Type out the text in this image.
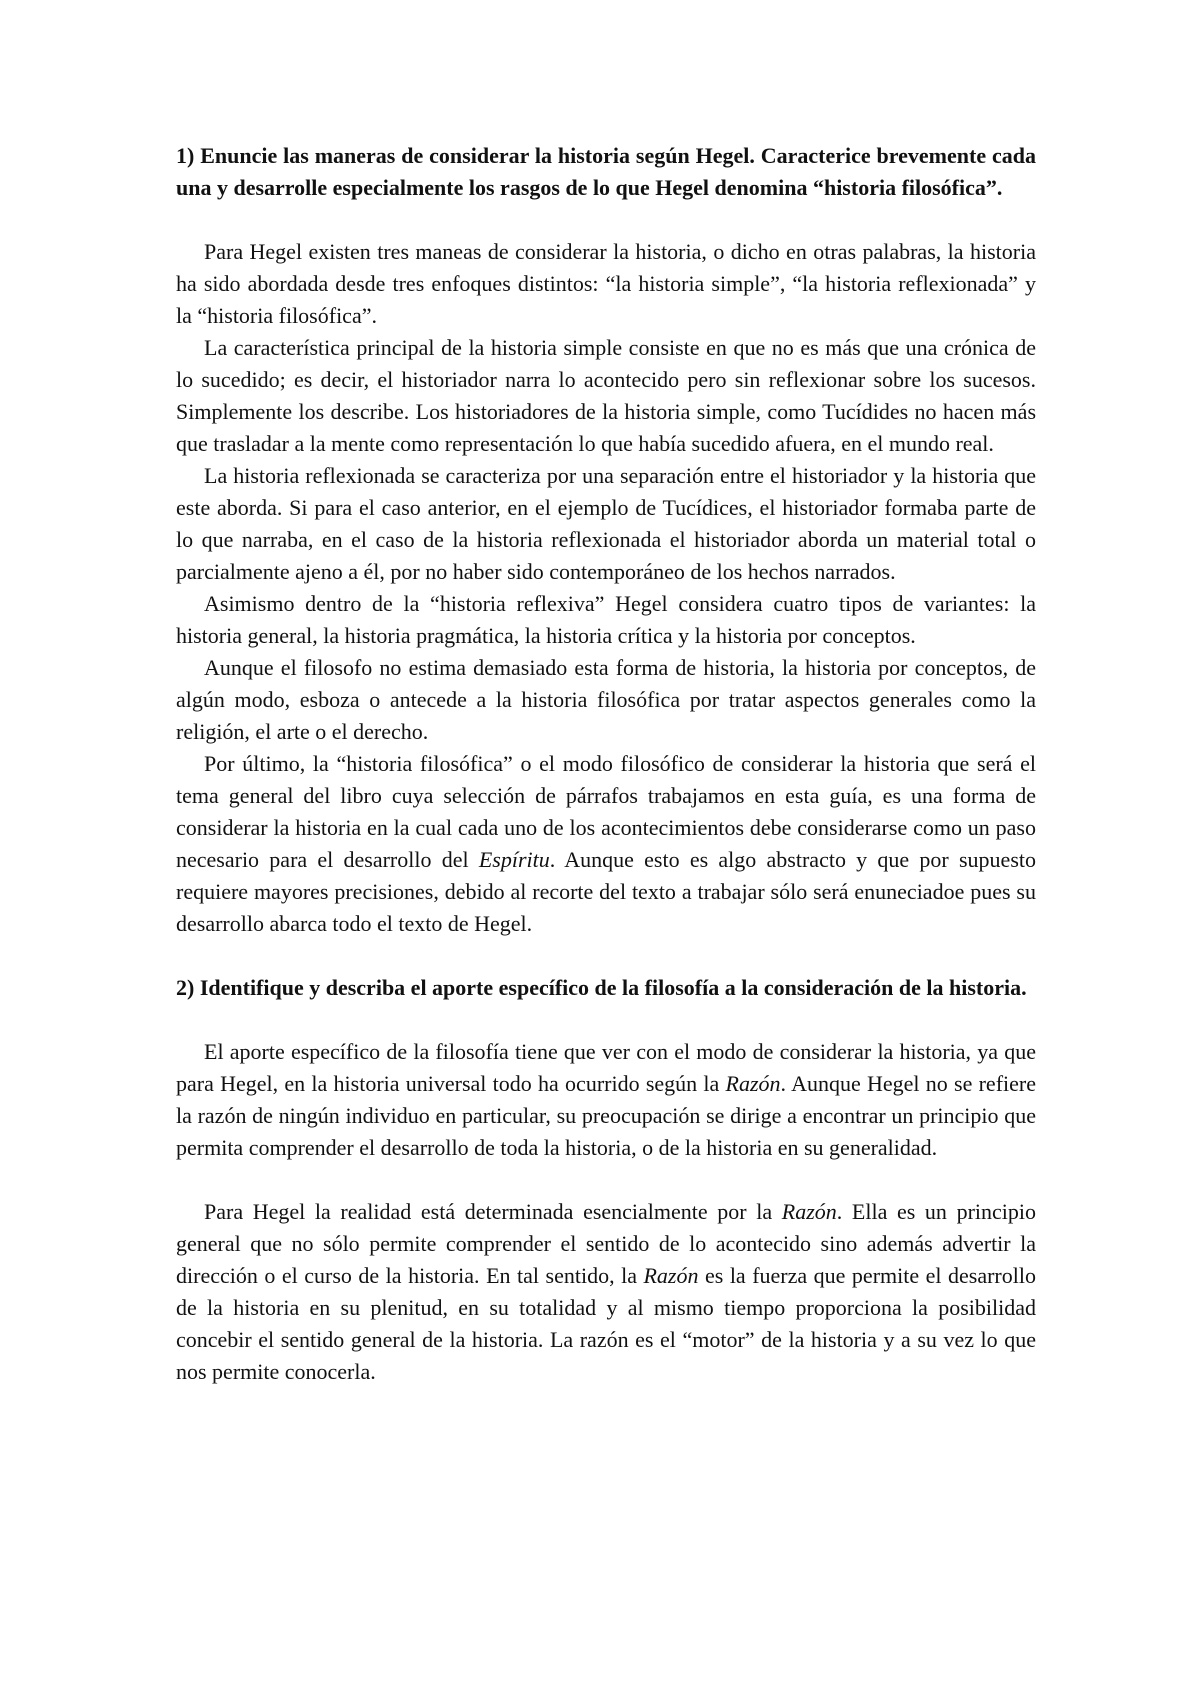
1) Enuncie las maneras de considerar la historia según Hegel. Caracterice brevemente cada una y desarrolle especialmente los rasgos de lo que Hegel denomina “historia filosófica”.

Para Hegel existen tres maneas de considerar la historia, o dicho en otras palabras, la historia ha sido abordada desde tres enfoques distintos: “la historia simple”, “la historia reflexionada” y la “historia filosófica”.

La característica principal de la historia simple consiste en que no es más que una crónica de lo sucedido; es decir, el historiador narra lo acontecido pero sin reflexionar sobre los sucesos. Simplemente los describe. Los historiadores de la historia simple, como Tucídides no hacen más que trasladar a la mente como representación lo que había sucedido afuera, en el mundo real.

La historia reflexionada se caracteriza por una separación entre el historiador y la historia que este aborda. Si para el caso anterior, en el ejemplo de Tucídices, el historiador formaba parte de lo que narraba, en el caso de la historia reflexionada el historiador aborda un material total o parcialmente ajeno a él, por no haber sido contemporáneo de los hechos narrados.

Asimismo dentro de la “historia reflexiva” Hegel considera cuatro tipos de variantes: la historia general, la historia pragmática, la historia crítica y la historia por conceptos.

Aunque el filosofo no estima demasiado esta forma de historia, la historia por conceptos, de algún modo, esboza o antecede a la historia filosófica por tratar aspectos generales como la religión, el arte o el derecho.

Por último, la “historia filosófica” o el modo filosófico de considerar la historia que será el tema general del libro cuya selección de párrafos trabajamos en esta guía, es una forma de considerar la historia en la cual cada uno de los acontecimientos debe considerarse como un paso necesario para el desarrollo del Espíritu. Aunque esto es algo abstracto y que por supuesto requiere mayores precisiones, debido al recorte del texto a trabajar sólo será enuneciadoe pues su desarrollo abarca todo el texto de Hegel.

2) Identifique y describa el aporte específico de la filosofía a la consideración de la historia.

El aporte específico de la filosofía tiene que ver con el modo de considerar la historia, ya que para Hegel, en la historia universal todo ha ocurrido según la Razón. Aunque Hegel no se refiere la razón de ningún individuo en particular, su preocupación se dirige a encontrar un principio que permita comprender el desarrollo de toda la historia, o de la historia en su generalidad.

Para Hegel la realidad está determinada esencialmente por la Razón. Ella es un principio general que no sólo permite comprender el sentido de lo acontecido sino además advertir la dirección o el curso de la historia. En tal sentido, la Razón es la fuerza que permite el desarrollo de la historia en su plenitud, en su totalidad y al mismo tiempo proporciona la posibilidad concebir el sentido general de la historia. La razón es el “motor” de la historia y a su vez lo que nos permite conocerla.
